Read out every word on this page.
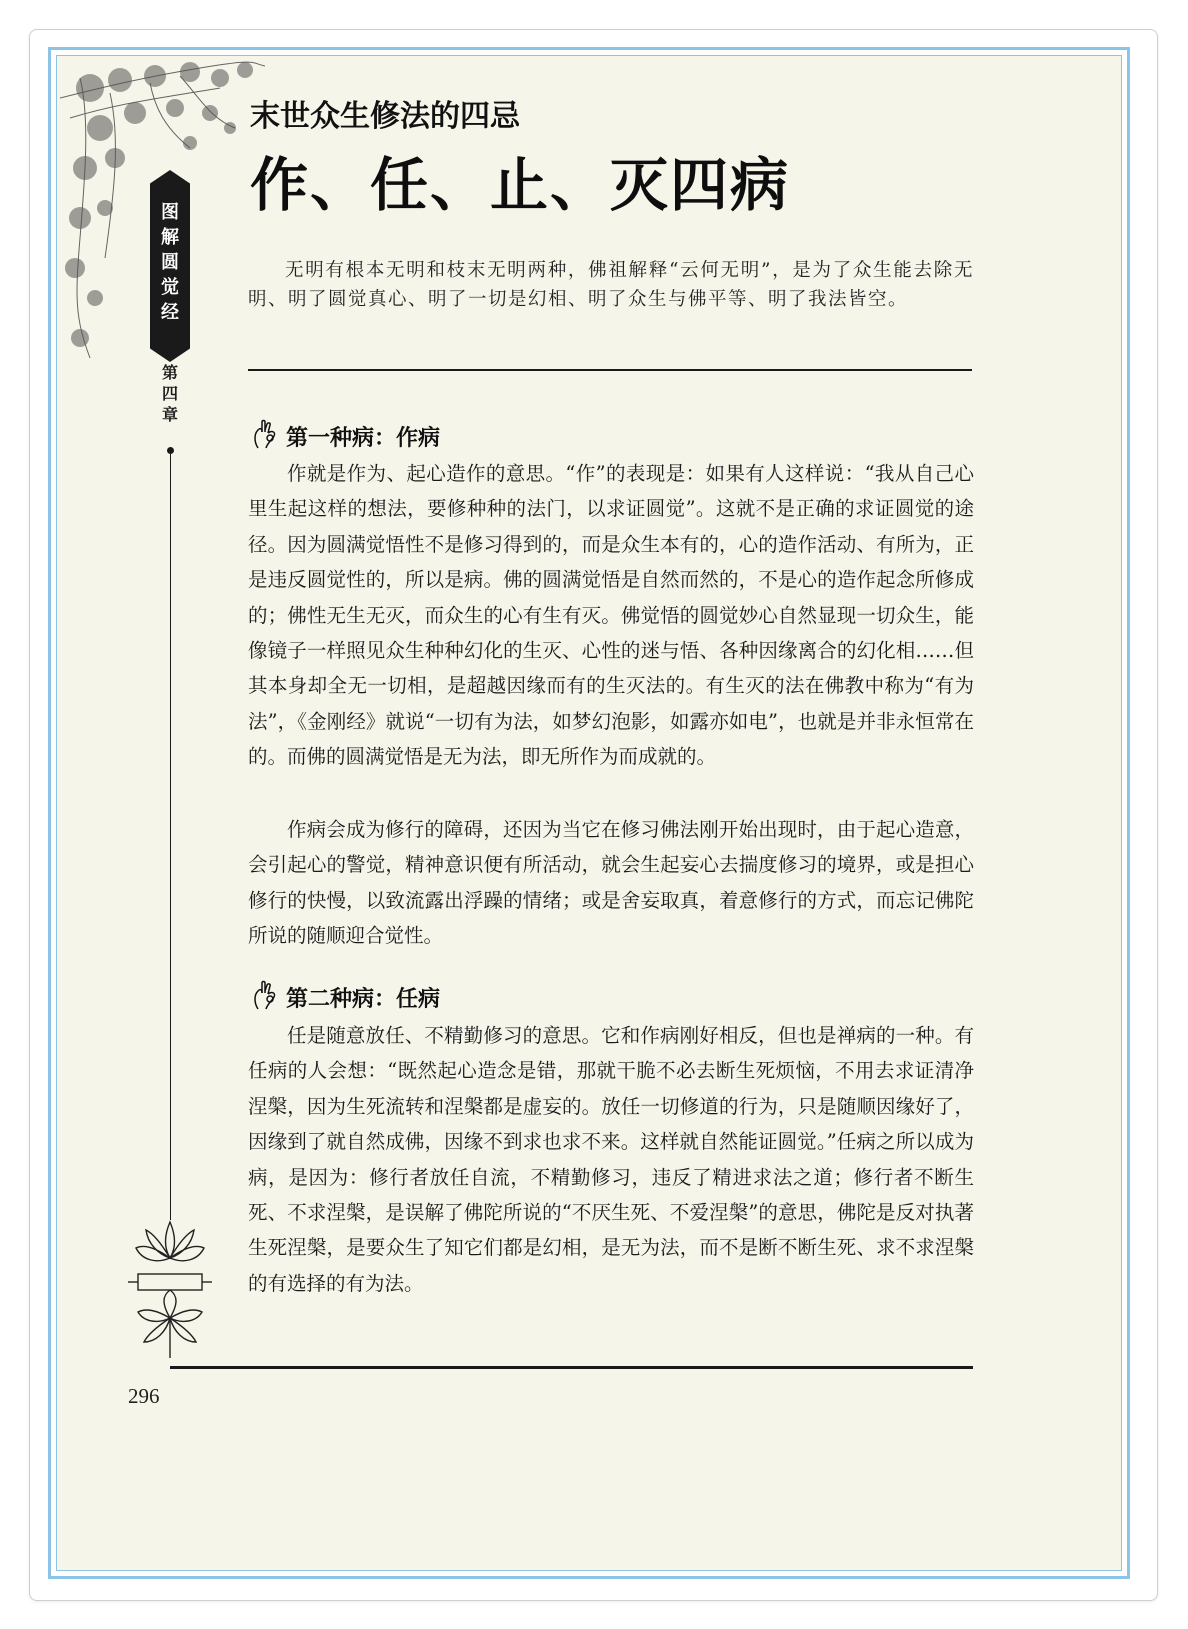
图
解
圆
觉
经
第
四
章
末世众生修法的四忌
作、任、止、灭四病

无明有根本无明和枝末无明两种，佛祖解释“云何无明”，是为了众生能去除无明、明了圆觉真心、明了一切是幻相、明了众生与佛平等、明了我法皆空。

第一种病：作病

作就是作为、起心造作的意思。“作”的表现是：如果有人这样说：“我从自己心里生起这样的想法，要修种种的法门，以求证圆觉”。这就不是正确的求证圆觉的途径。因为圆满觉悟性不是修习得到的，而是众生本有的，心的造作活动、有所为，正是违反圆觉性的，所以是病。佛的圆满觉悟是自然而然的，不是心的造作起念所修成的；佛性无生无灭，而众生的心有生有灭。佛觉悟的圆觉妙心自然显现一切众生，能像镜子一样照见众生种种幻化的生灭、心性的迷与悟、各种因缘离合的幻化相……但其本身却全无一切相，是超越因缘而有的生灭法的。有生灭的法在佛教中称为“有为法”，《金刚经》就说“一切有为法，如梦幻泡影，如露亦如电”，也就是并非永恒常在的。而佛的圆满觉悟是无为法，即无所作为而成就的。

作病会成为修行的障碍，还因为当它在修习佛法刚开始出现时，由于起心造意，会引起心的警觉，精神意识便有所活动，就会生起妄心去揣度修习的境界，或是担心修行的快慢，以致流露出浮躁的情绪；或是舍妄取真，着意修行的方式，而忘记佛陀所说的随顺迎合觉性。

第二种病：任病

任是随意放任、不精勤修习的意思。它和作病刚好相反，但也是禅病的一种。有任病的人会想：“既然起心造念是错，那就干脆不必去断生死烦恼，不用去求证清净涅槃，因为生死流转和涅槃都是虚妄的。放任一切修道的行为，只是随顺因缘好了，因缘到了就自然成佛，因缘不到求也求不来。这样就自然能证圆觉。”任病之所以成为病，是因为：修行者放任自流，不精勤修习，违反了精进求法之道；修行者不断生死、不求涅槃，是误解了佛陀所说的“不厌生死、不爱涅槃”的意思，佛陀是反对执著生死涅槃，是要众生了知它们都是幻相，是无为法，而不是断不断生死、求不求涅槃的有选择的有为法。

296
